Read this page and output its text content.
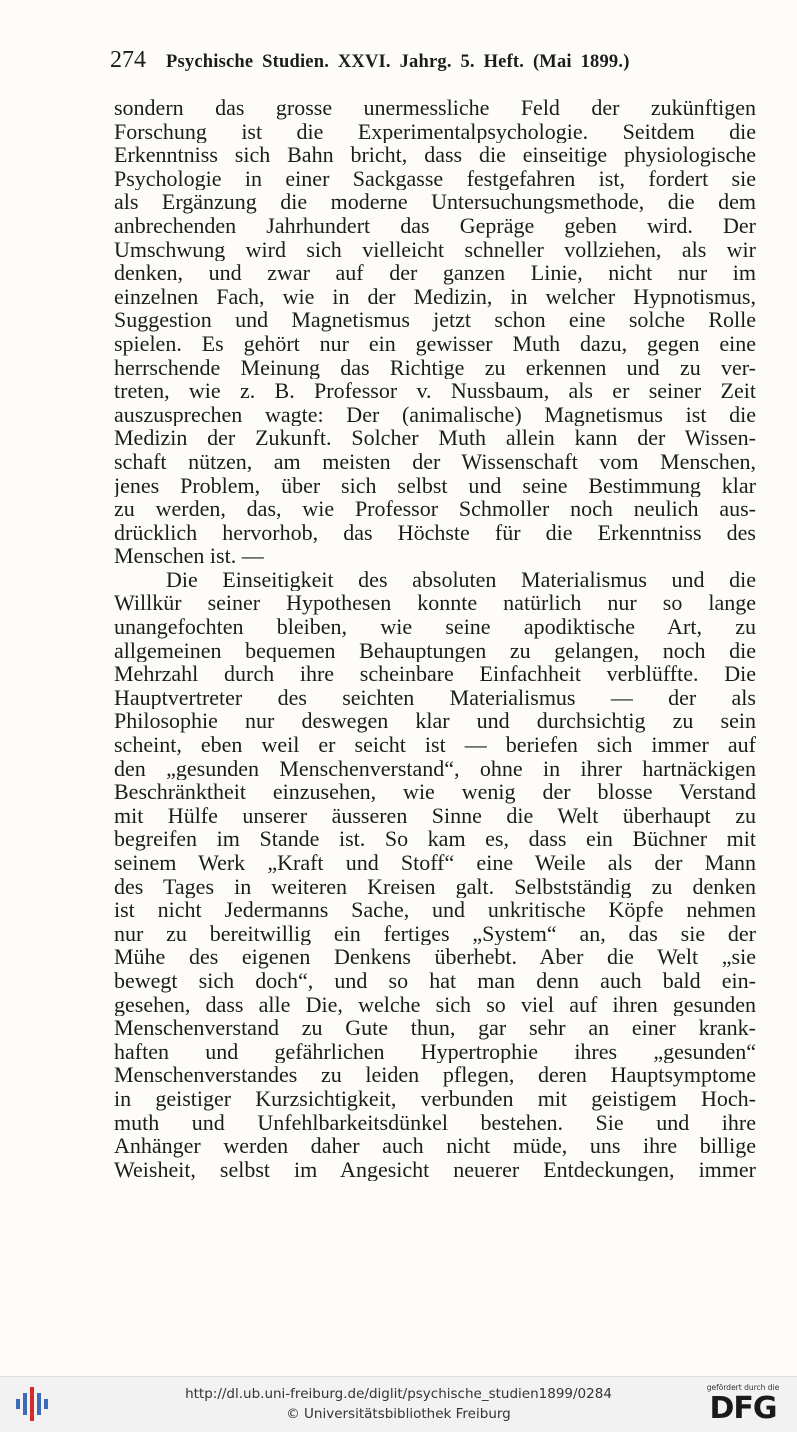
274 Psychische Studien. XXVI. Jahrg. 5. Heft. (Mai 1899.)
sondern das grosse unermessliche Feld der zukünftigen
Forschung ist die Experimentalpsychologie. Seitdem die
Erkenntniss sich Bahn bricht, dass die einseitige physiologische
Psychologie in einer Sackgasse festgefahren ist, fordert sie
als Ergänzung die moderne Untersuchungsmethode, die dem
anbrechenden Jahrhundert das Gepräge geben wird. Der
Umschwung wird sich vielleicht schneller vollziehen, als wir
denken, und zwar auf der ganzen Linie, nicht nur im
einzelnen Fach, wie in der Medizin, in welcher Hypnotismus,
Suggestion und Magnetismus jetzt schon eine solche Rolle
spielen. Es gehört nur ein gewisser Muth dazu, gegen eine
herrschende Meinung das Richtige zu erkennen und zu ver-
treten, wie z. B. Professor v. Nussbaum, als er seiner Zeit
auszusprechen wagte: Der (animalische) Magnetismus ist die
Medizin der Zukunft. Solcher Muth allein kann der Wissen-
schaft nützen, am meisten der Wissenschaft vom Menschen,
jenes Problem, über sich selbst und seine Bestimmung klar
zu werden, das, wie Professor Schmoller noch neulich aus-
drücklich hervorhob, das Höchste für die Erkenntniss des
Menschen ist. —
Die Einseitigkeit des absoluten Materialismus und die
Willkür seiner Hypothesen konnte natürlich nur so lange
unangefochten bleiben, wie seine apodiktische Art, zu
allgemeinen bequemen Behauptungen zu gelangen, noch die
Mehrzahl durch ihre scheinbare Einfachheit verblüffte. Die
Hauptvertreter des seichten Materialismus — der als
Philosophie nur deswegen klar und durchsichtig zu sein
scheint, eben weil er seicht ist — beriefen sich immer auf
den „gesunden Menschenverstand“, ohne in ihrer hartnäckigen
Beschränktheit einzusehen, wie wenig der blosse Verstand
mit Hülfe unserer äusseren Sinne die Welt überhaupt zu
begreifen im Stande ist. So kam es, dass ein Büchner mit
seinem Werk „Kraft und Stoff“ eine Weile als der Mann
des Tages in weiteren Kreisen galt. Selbstständig zu denken
ist nicht Jedermanns Sache, und unkritische Köpfe nehmen
nur zu bereitwillig ein fertiges „System“ an, das sie der
Mühe des eigenen Denkens überhebt. Aber die Welt „sie
bewegt sich doch“, und so hat man denn auch bald ein-
gesehen, dass alle Die, welche sich so viel auf ihren gesunden
Menschenverstand zu Gute thun, gar sehr an einer krank-
haften und gefährlichen Hypertrophie ihres „gesunden“
Menschenverstandes zu leiden pflegen, deren Hauptsymptome
in geistiger Kurzsichtigkeit, verbunden mit geistigem Hoch-
muth und Unfehlbarkeitsdünkel bestehen. Sie und ihre
Anhänger werden daher auch nicht müde, uns ihre billige
Weisheit, selbst im Angesicht neuerer Entdeckungen, immer
http://dl.ub.uni-freiburg.de/diglit/psychische_studien1899/0284
© Universitätsbibliothek Freiburg
gefördert durch die
DFG
